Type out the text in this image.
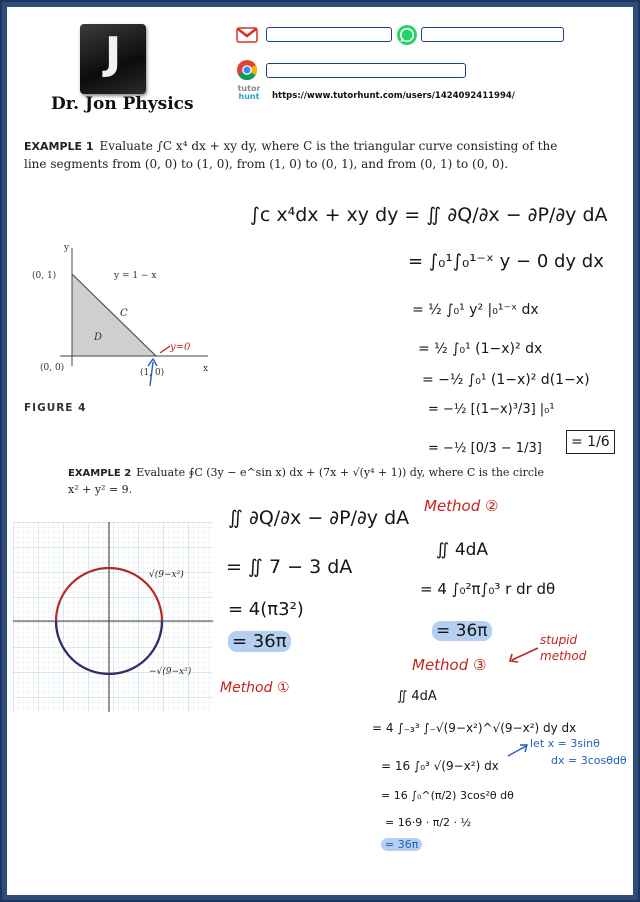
J
Dr. Jon Physics
tutor
hunt https://www.tutorhunt.com/users/1424092411994/
EXAMPLE 1 Evaluate ∫C x⁴ dx + xy dy, where C is the triangular curve consisting of the
line segments from (0, 0) to (1, 0), from (1, 0) to (0, 1), and from (0, 1) to (0, 0).
y
x
(0, 1)
(0, 0)	(1, 0)
y = 1 − x
C
D
y=0
FIGURE 4
∫c x⁴dx + xy dy = ∬ ∂Q/∂x − ∂P/∂y dA
= ∫₀¹∫₀¹⁻ˣ y − 0 dy dx
= ½ ∫₀¹ y² |₀¹⁻ˣ dx
= ½ ∫₀¹ (1−x)² dx
= −½ ∫₀¹ (1−x)² d(1−x)
= −½ [(1−x)³/3] |₀¹
= −½ [0/3 − 1/3]	= 1/6
EXAMPLE 2 Evaluate ∮C (3y − e^sin x) dx + (7x + √(y⁴ + 1)) dy, where C is the circle
x² + y² = 9.
√(9−x²)
−√(9−x²)
∬ ∂Q/∂x − ∂P/∂y dA
= ∬ 7 − 3 dA
= 4(π3²)
= 36π
Method ①
Method ②
∬ 4dA
= 4 ∫₀²π∫₀³ r dr dθ
= 36π
Method ③
stupid method
∬ 4dA
= 4 ∫₋₃³ ∫₋√(9−x²)^√(9−x²) dy dx
= 16 ∫₀³ √(9−x²) dx
= 16 ∫₀^(π/2) 3cos²θ dθ
= 16·9 · π/2 · ½
= 36π
let x = 3sinθ
dx = 3cosθdθ
